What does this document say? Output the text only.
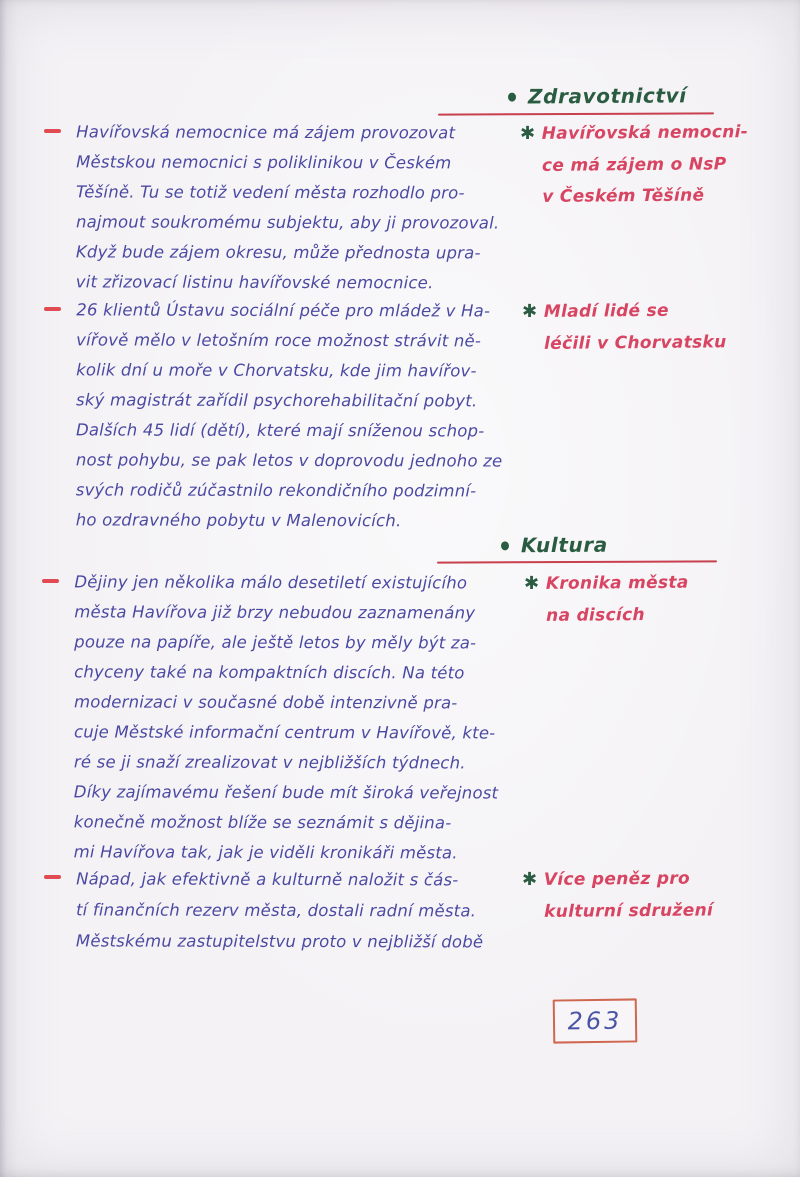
Zdravotnictví
Havířovská nemocnice má zájem provozovat
Městskou nemocnici s poliklinikou v Českém
Těšíně. Tu se totiž vedení města rozhodlo pro-
najmout soukromému subjektu, aby ji provozoval.
Když bude zájem okresu, může přednosta upra-
vit zřizovací listinu havířovské nemocnice.
✱ Havířovská nemocni-
ce má zájem o NsP
v Českém Těšíně
26 klientů Ústavu sociální péče pro mládež v Ha-
vířově mělo v letošním roce možnost strávit ně-
kolik dní u moře v Chorvatsku, kde jim havířov-
ský magistrát zařídil psychorehabilitační pobyt.
Dalších 45 lidí (dětí), které mají sníženou schop-
nost pohybu, se pak letos v doprovodu jednoho ze
svých rodičů zúčastnilo rekondičního podzimní-
ho ozdravného pobytu v Malenovicích.
✱ Mladí lidé se
léčili v Chorvatsku
Kultura
Dějiny jen několika málo desetiletí existujícího
města Havířova již brzy nebudou zaznamenány
pouze na papíře, ale ještě letos by měly být za-
chyceny také na kompaktních discích. Na této
modernizaci v současné době intenzivně pra-
cuje Městské informační centrum v Havířově, kte-
ré se ji snaží zrealizovat v nejbližších týdnech.
Díky zajímavému řešení bude mít široká veřejnost
konečně možnost blíže se seznámit s dějina-
mi Havířova tak, jak je viděli kronikáři města.
✱ Kronika města
na discích
Nápad, jak efektivně a kulturně naložit s čás-
tí finančních rezerv města, dostali radní města.
Městskému zastupitelstvu proto v nejbližší době
✱ Více peněz pro
kulturní sdružení
263
